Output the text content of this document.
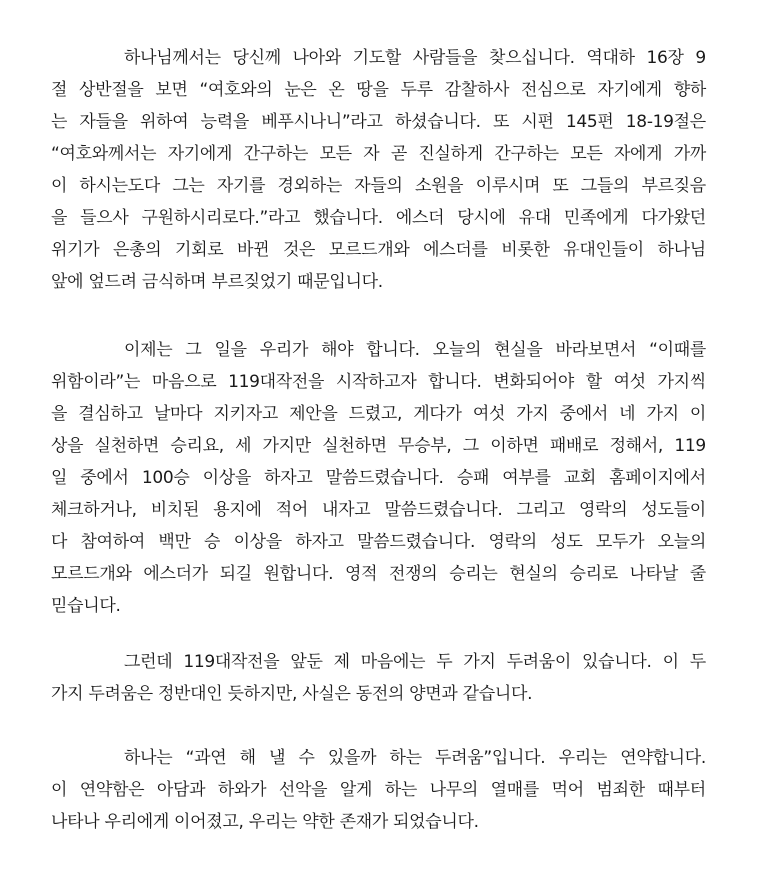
하나님께서는 당신께 나아와 기도할 사람들을 찾으십니다. 역대하 16장 9
절 상반절을 보면 “여호와의 눈은 온 땅을 두루 감찰하사 전심으로 자기에게 향하
는 자들을 위하여 능력을 베푸시나니”라고 하셨습니다. 또 시편 145편 18-19절은
“여호와께서는 자기에게 간구하는 모든 자 곧 진실하게 간구하는 모든 자에게 가까
이 하시는도다 그는 자기를 경외하는 자들의 소원을 이루시며 또 그들의 부르짖음
을 들으사 구원하시리로다.”라고 했습니다. 에스더 당시에 유대 민족에게 다가왔던
위기가 은총의 기회로 바뀐 것은 모르드개와 에스더를 비롯한 유대인들이 하나님
앞에 엎드려 금식하며 부르짖었기 때문입니다.
이제는 그 일을 우리가 해야 합니다. 오늘의 현실을 바라보면서 “이때를
위함이라”는 마음으로 119대작전을 시작하고자 합니다. 변화되어야 할 여섯 가지씩
을 결심하고 날마다 지키자고 제안을 드렸고, 게다가 여섯 가지 중에서 네 가지 이
상을 실천하면 승리요, 세 가지만 실천하면 무승부, 그 이하면 패배로 정해서, 119
일 중에서 100승 이상을 하자고 말씀드렸습니다. 승패 여부를 교회 홈페이지에서
체크하거나, 비치된 용지에 적어 내자고 말씀드렸습니다. 그리고 영락의 성도들이
다 참여하여 백만 승 이상을 하자고 말씀드렸습니다. 영락의 성도 모두가 오늘의
모르드개와 에스더가 되길 원합니다. 영적 전쟁의 승리는 현실의 승리로 나타날 줄
믿습니다.
그런데 119대작전을 앞둔 제 마음에는 두 가지 두려움이 있습니다. 이 두
가지 두려움은 정반대인 듯하지만, 사실은 동전의 양면과 같습니다.
하나는 “과연 해 낼 수 있을까 하는 두려움”입니다. 우리는 연약합니다.
이 연약함은 아담과 하와가 선악을 알게 하는 나무의 열매를 먹어 범죄한 때부터
나타나 우리에게 이어졌고, 우리는 약한 존재가 되었습니다.
